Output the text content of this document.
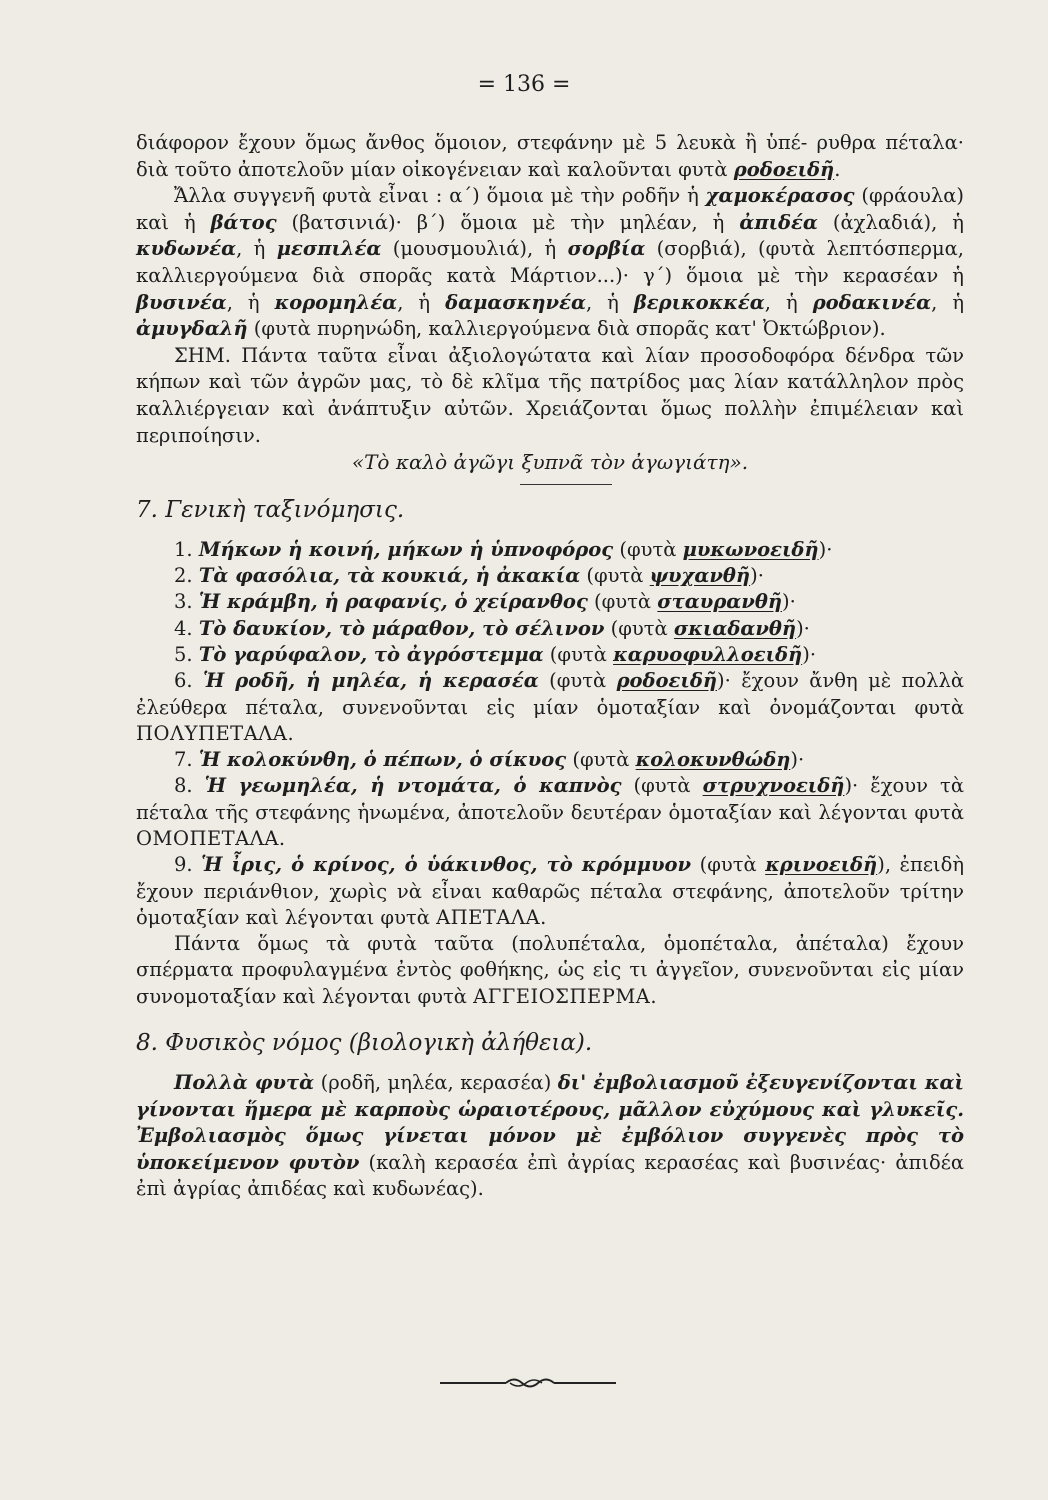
= 136 =

διάφορον ἔχουν ὅμως ἄνθος ὅμοιον, στεφάνην μὲ 5 λευκὰ ἢ ὑπέ- ρυθρα πέταλα· διὰ τοῦτο ἀποτελοῦν μίαν οἰκογένειαν καὶ καλοῦνται φυτὰ ροδοειδῆ.

Ἄλλα συγγενῆ φυτὰ εἶναι : α΄) ὅμοια μὲ τὴν ροδῆν ἡ χαμοκέρασος (φράουλα) καὶ ἡ βάτος (βατσινιά)· β΄) ὅμοια μὲ τὴν μηλέαν, ἡ ἀπιδέα (ἀχλαδιά), ἡ κυδωνέα, ἡ μεσπιλέα (μουσμουλιά), ἡ σορβία (σορβιά), (φυτὰ λεπτόσπερμα, καλλιεργούμενα διὰ σπορᾶς κατὰ Μάρτιον...)· γ΄) ὅμοια μὲ τὴν κερασέαν ἡ βυσινέα, ἡ κορομηλέα, ἡ δαμασκηνέα, ἡ βερικοκκέα, ἡ ροδακινέα, ἡ ἀμυγδαλῆ (φυτὰ πυρηνώδη, καλλιεργούμενα διὰ σπορᾶς κατ' Ὀκτώβριον).

ΣΗΜ. Πάντα ταῦτα εἶναι ἀξιολογώτατα καὶ λίαν προσοδοφόρα δένδρα τῶν κήπων καὶ τῶν ἀγρῶν μας, τὸ δὲ κλῖμα τῆς πατρίδος μας λίαν κατάλληλον πρὸς καλλιέργειαν καὶ ἀνάπτυξιν αὐτῶν. Χρειάζονται ὅμως πολλὴν ἐπιμέλειαν καὶ περιποίησιν.

«Τὸ καλὸ ἀγῶγι ξυπνᾶ τὸν ἀγωγιάτη».

7. Γενικὴ ταξινόμησις.

1. Μήκων ἡ κοινή, μήκων ἡ ὑπνοφόρος (φυτὰ μυκωνοειδῆ)·

2. Τὰ φασόλια, τὰ κουκιά, ἡ ἀκακία (φυτὰ ψυχανθῆ)·

3. Ἡ κράμβη, ἡ ραφανίς, ὁ χείρανθος (φυτὰ σταυρανθῆ)·

4. Τὸ δαυκίον, τὸ μάραθον, τὸ σέλινον (φυτὰ σκιαδανθῆ)·

5. Τὸ γαρύφαλον, τὸ ἀγρόστεμμα (φυτὰ καρυοφυλλοειδῆ)·

6. Ἡ ροδῆ, ἡ μηλέα, ἡ κερασέα (φυτὰ ροδοειδῆ)· ἔχουν ἄνθη μὲ πολλὰ ἐλεύθερα πέταλα, συνενοῦνται εἰς μίαν ὁμοταξίαν καὶ ὀνομάζονται φυτὰ ΠΟΛΥΠΕΤΑΛΑ.

7. Ἡ κολοκύνθη, ὁ πέπων, ὁ σίκυος (φυτὰ κολοκυνθώδη)·

8. Ἡ γεωμηλέα, ἡ ντομάτα, ὁ καπνὸς (φυτὰ στρυχνοειδῆ)· ἔχουν τὰ πέταλα τῆς στεφάνης ἡνωμένα, ἀποτελοῦν δευτέραν ὁμοταξίαν καὶ λέγονται φυτὰ ΟΜΟΠΕΤΑΛΑ.

9. Ἡ ἶρις, ὁ κρίνος, ὁ ὑάκινθος, τὸ κρόμμυον (φυτὰ κρινοειδῆ), ἐπειδὴ ἔχουν περιάνθιον, χωρὶς νὰ εἶναι καθαρῶς πέταλα στεφάνης, ἀποτελοῦν τρίτην ὁμοταξίαν καὶ λέγονται φυτὰ ΑΠΕΤΑΛΑ.

Πάντα ὅμως τὰ φυτὰ ταῦτα (πολυπέταλα, ὁμοπέταλα, ἀπέταλα) ἔχουν σπέρματα προφυλαγμένα ἐντὸς φοθήκης, ὡς εἰς τι ἀγγεῖον, συνενοῦνται εἰς μίαν συνομοταξίαν καὶ λέγονται φυτὰ ΑΓΓΕΙΟΣΠΕΡΜΑ.

8. Φυσικὸς νόμος (βιολογικὴ ἀλήθεια).

Πολλὰ φυτὰ (ροδῆ, μηλέα, κερασέα) δι' ἐμβολιασμοῦ ἐξευγενίζονται καὶ γίνονται ἥμερα μὲ καρποὺς ὡραιοτέρους, μᾶλλον εὐχύμους καὶ γλυκεῖς. Ἐμβολιασμὸς ὅμως γίνεται μόνον μὲ ἐμβόλιον συγγενὲς πρὸς τὸ ὑποκείμενον φυτὸν (καλὴ κερασέα ἐπὶ ἀγρίας κερασέας καὶ βυσινέας· ἀπιδέα ἐπὶ ἀγρίας ἀπιδέας καὶ κυδωνέας).
